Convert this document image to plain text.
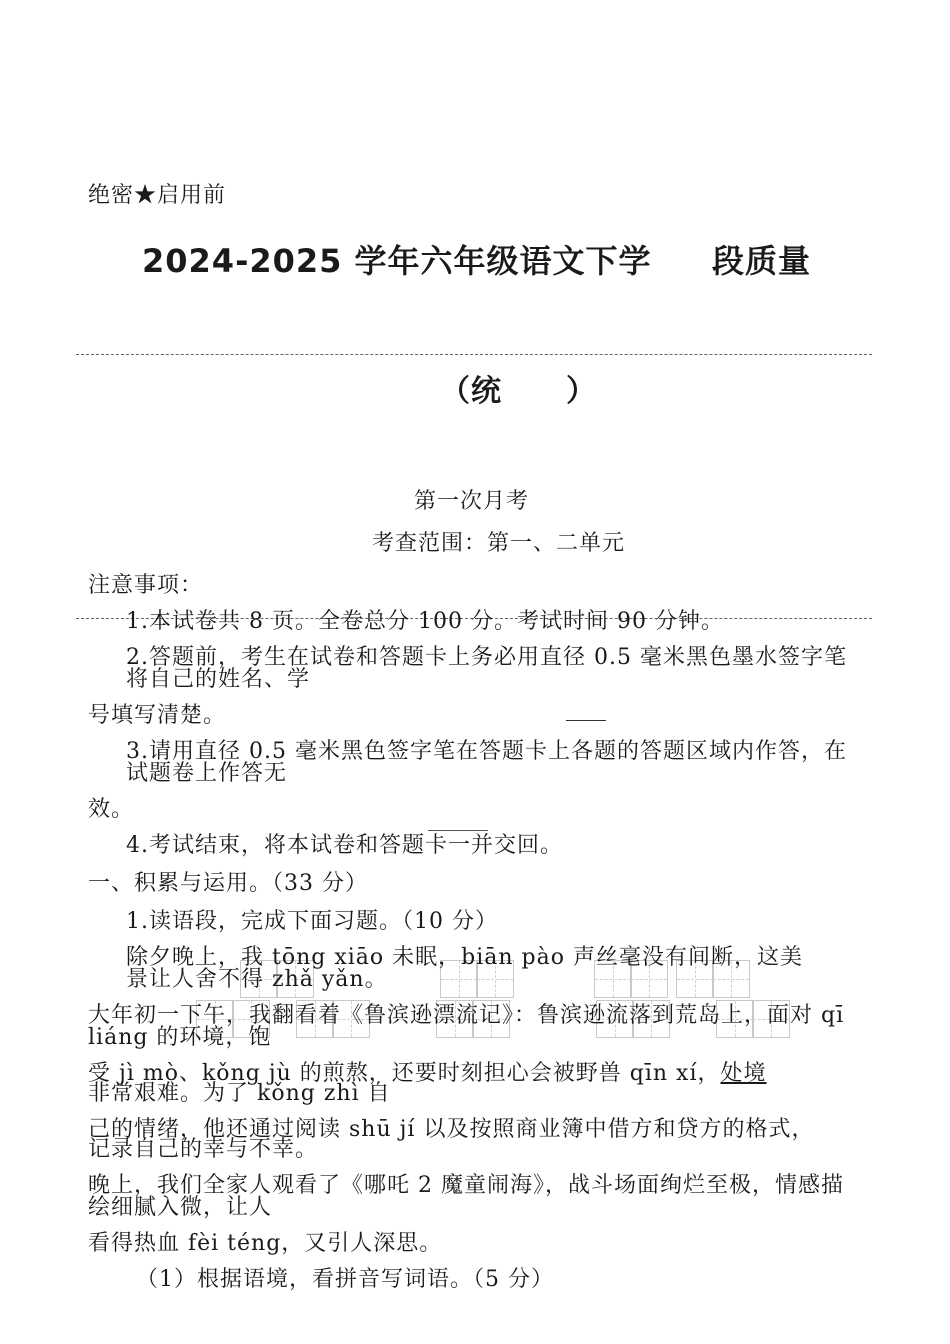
绝密★启用前
2024-2025 学年六年级语文下学 段质量
（统 ）
第一次月考
考查范围：第一、二单元
注意事项：
1.本试卷共 8 页。全卷总分 100 分。考试时间 90 分钟。
2.答题前，考生在试卷和答题卡上务必用直径 0.5 毫米黑色墨水签字笔
将自己的姓名、学
号填写清楚。
3.请用直径 0.5 毫米黑色签字笔在答题卡上各题的答题区域内作答，在
试题卷上作答无
效。
4.考试结束，将本试卷和答题卡一并交回。
一、积累与运用。（33 分）
1.读语段，完成下面习题。（10 分）
除夕晚上，我 tōng xiāo 未眠，biān pào 声丝毫没有间断，这美
景让人舍不得 zhǎ yǎn。
大年初一下午，我翻看着《鲁滨逊漂流记》：鲁滨逊流落到荒岛上，面对 qī
liáng 的环境，饱
受 jì mò、kǒng jù 的煎熬，还要时刻担心会被野兽 qīn xí，处境
非常艰难。为了 kǒng zhì 自
己的情绪，他还通过阅读 shū jí 以及按照商业簿中借方和贷方的格式，
记录自己的幸与不幸。
晚上，我们全家人观看了《哪吒 2 魔童闹海》，战斗场面绚烂至极，情感描
绘细腻入微，让人
看得热血 fèi téng，又引人深思。
（1）根据语境，看拼音写词语。（5 分）
